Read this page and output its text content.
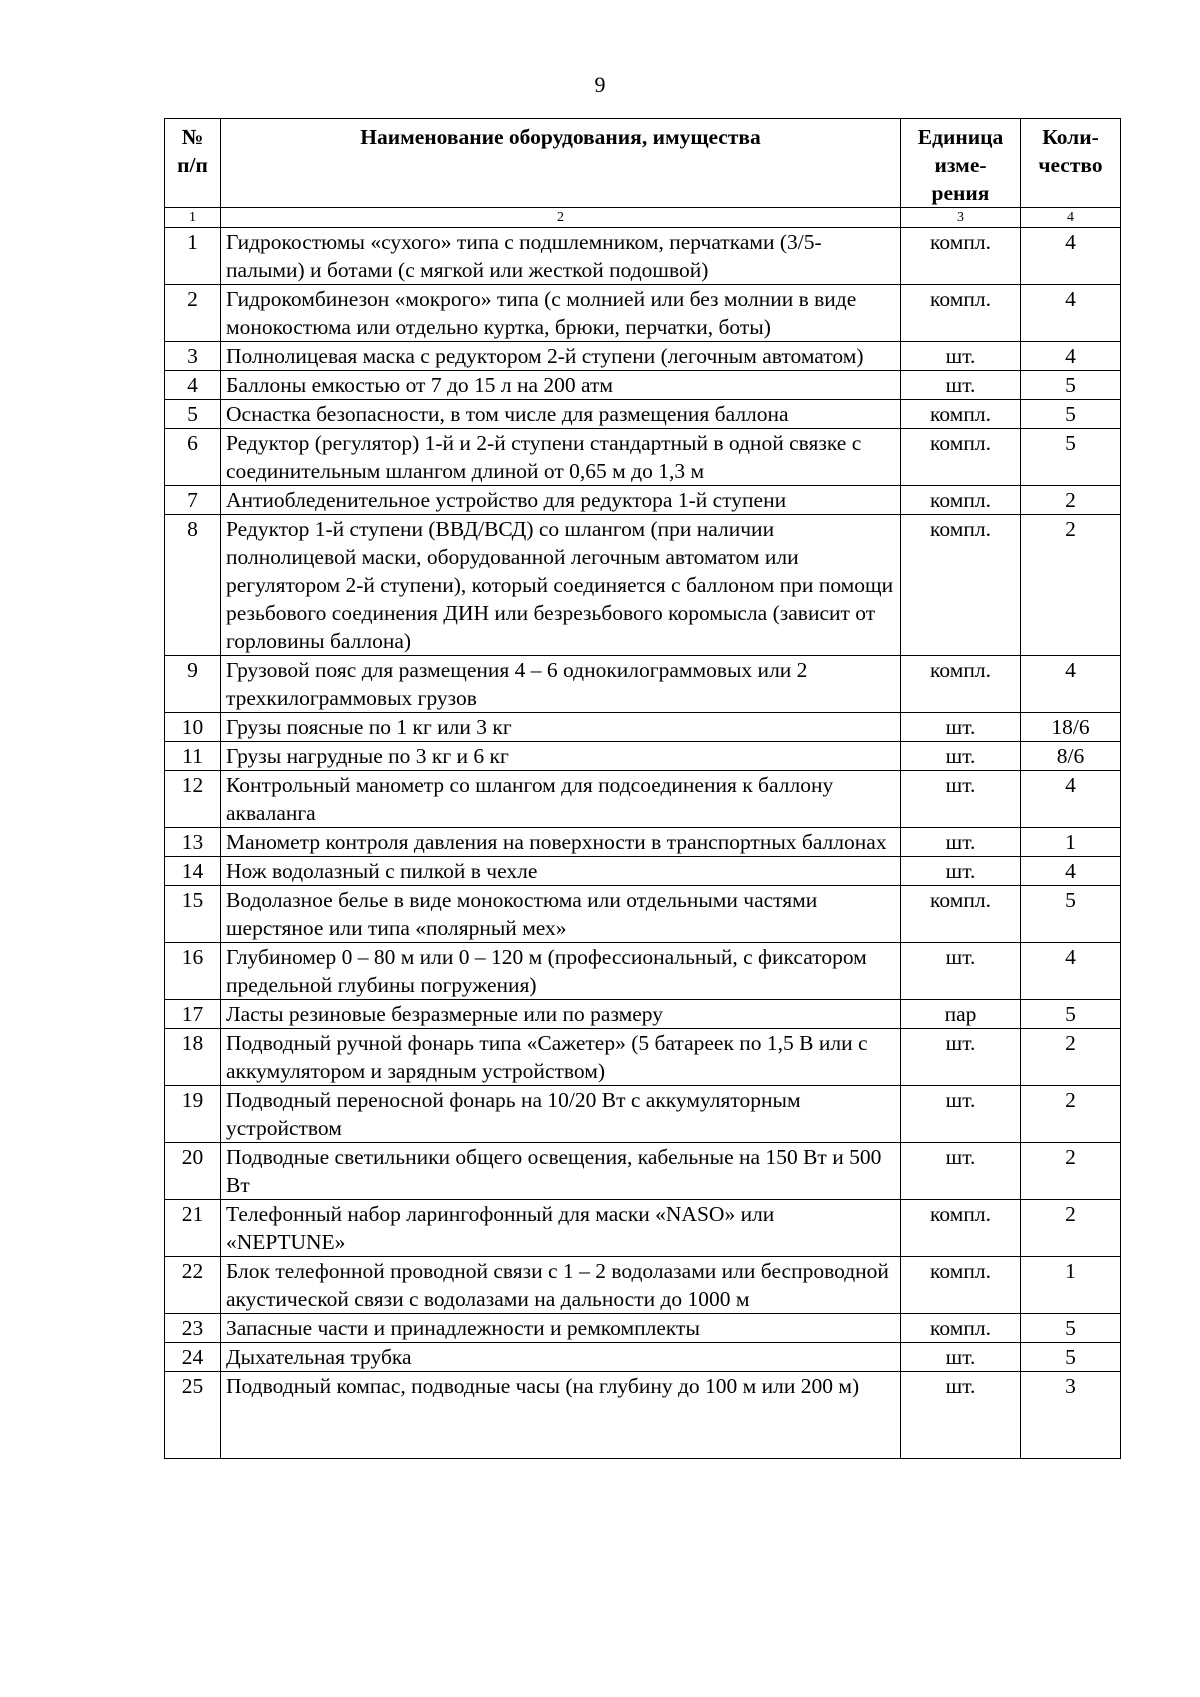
9
№ п/п	Наименование оборудования, имущества	Единица изме-рения	Коли-чество
1	2	3	4
1	Гидрокостюмы «сухого» типа с подшлемником, перчатками (3/5-палыми) и ботами (с мягкой или жесткой подошвой)	компл.	4
2	Гидрокомбинезон «мокрого» типа (с молнией или без молнии в виде монокостюма или отдельно куртка, брюки, перчатки, боты)	компл.	4
3	Полнолицевая маска с редуктором 2-й ступени (легочным автоматом)	шт.	4
4	Баллоны емкостью от 7 до 15 л на 200 атм	шт.	5
5	Оснастка безопасности, в том числе для размещения баллона	компл.	5
6	Редуктор (регулятор) 1-й и 2-й ступени стандартный в одной связке с соединительным шлангом длиной от 0,65 м до 1,3 м	компл.	5
7	Антиобледенительное устройство для редуктора 1-й ступени	компл.	2
8	Редуктор 1-й ступени (ВВД/ВСД) со шлангом (при наличии полнолицевой маски, оборудованной легочным автоматом или регулятором 2-й ступени), который соединяется с баллоном при помощи резьбового соединения ДИН или безрезьбового коромысла (зависит от горловины баллона)	компл.	2
9	Грузовой пояс для размещения 4 – 6 однокилограммовых или 2 трехкилограммовых грузов	компл.	4
10	Грузы поясные по 1 кг или 3 кг	шт.	18/6
11	Грузы нагрудные по 3 кг и 6 кг	шт.	8/6
12	Контрольный манометр со шлангом для подсоединения к баллону акваланга	шт.	4
13	Манометр контроля давления на поверхности в транспортных баллонах	шт.	1
14	Нож водолазный с пилкой в чехле	шт.	4
15	Водолазное белье в виде монокостюма или отдельными частями шерстяное или типа «полярный мех»	компл.	5
16	Глубиномер 0 – 80 м или 0 – 120 м (профессиональный, с фиксатором предельной глубины погружения)	шт.	4
17	Ласты резиновые безразмерные или по размеру	пар	5
18	Подводный ручной фонарь типа «Сажетер» (5 батареек по 1,5 В или с аккумулятором и зарядным устройством)	шт.	2
19	Подводный переносной фонарь на 10/20 Вт с аккумуляторным устройством	шт.	2
20	Подводные светильники общего освещения, кабельные на 150 Вт и 500 Вт	шт.	2
21	Телефонный набор ларингофонный для маски «NASO» или «NEPTUNE»	компл.	2
22	Блок телефонной проводной связи с 1 – 2 водолазами или беспроводной акустической связи с водолазами на дальности до 1000 м	компл.	1
23	Запасные части и принадлежности и ремкомплекты	компл.	5
24	Дыхательная трубка	шт.	5
25	Подводный компас, подводные часы (на глубину до 100 м или 200 м)	шт.	3
